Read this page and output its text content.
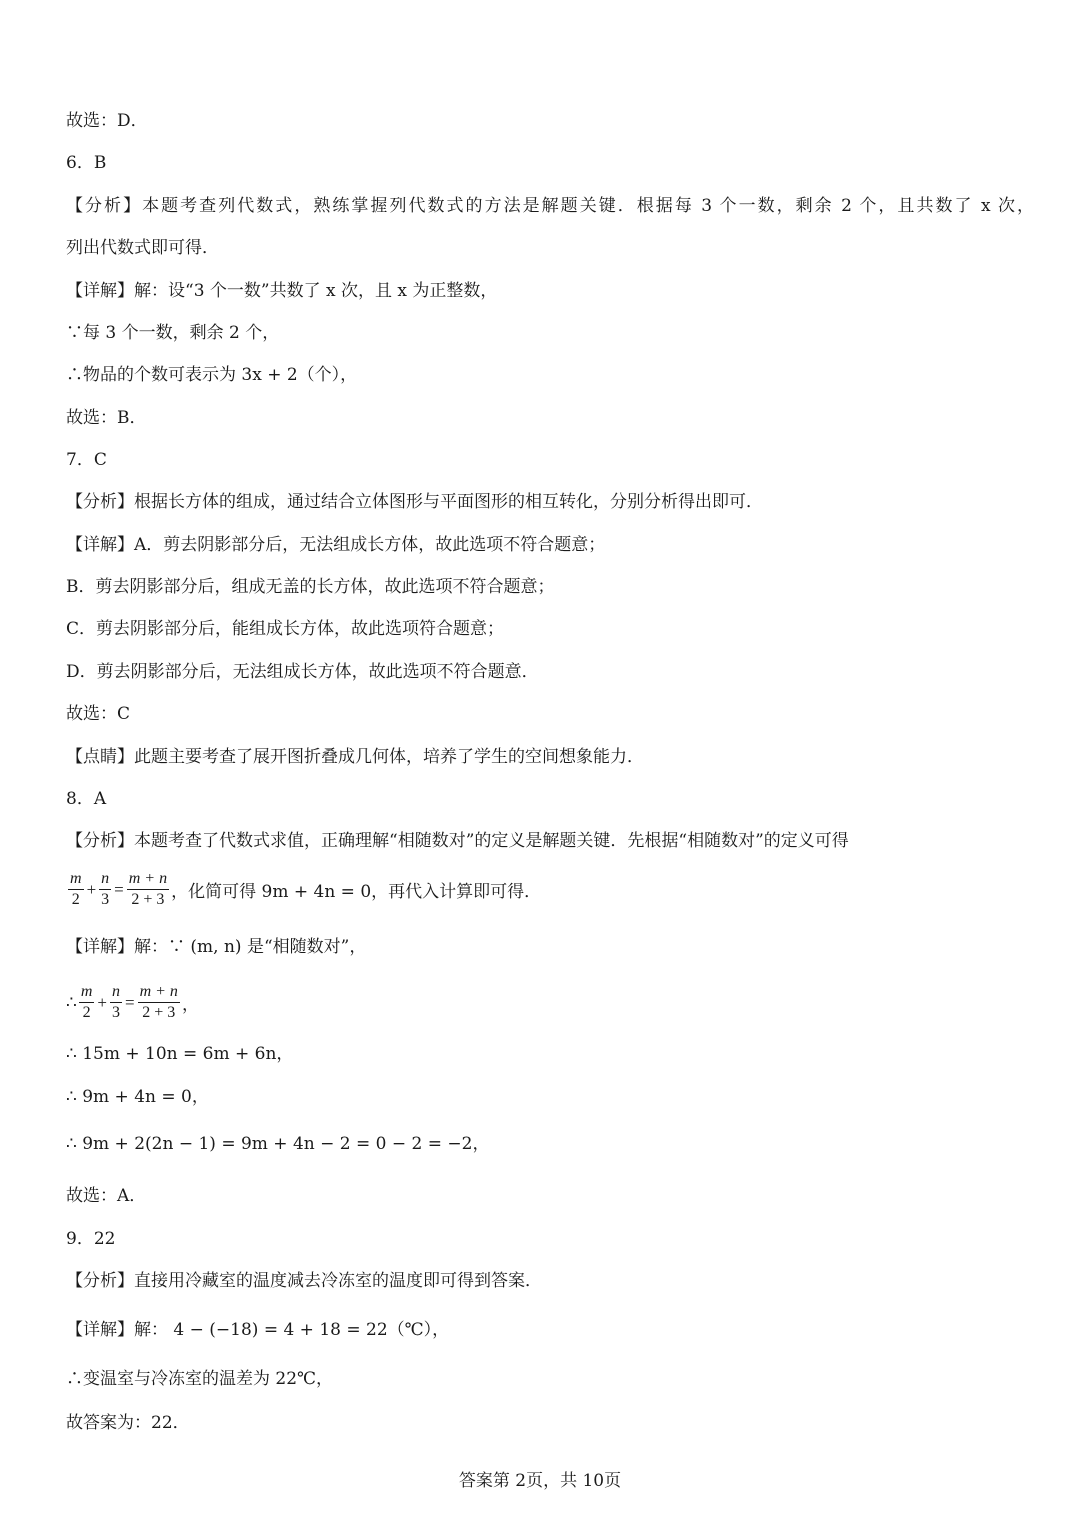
故选：D．
6．B
【分析】本题考查列代数式，熟练掌握列代数式的方法是解题关键．根据每 3 个一数，剩余 2 个，且共数了 x 次，
列出代数式即可得．
【详解】解：设“3 个一数”共数了 x 次，且 x 为正整数，
∵每 3 个一数，剩余 2 个，
∴物品的个数可表示为 3x + 2（个），
故选：B．
7．C
【分析】根据长方体的组成，通过结合立体图形与平面图形的相互转化，分别分析得出即可．
【详解】A．剪去阴影部分后，无法组成长方体，故此选项不符合题意；
B．剪去阴影部分后，组成无盖的长方体，故此选项不符合题意；
C．剪去阴影部分后，能组成长方体，故此选项符合题意；
D．剪去阴影部分后，无法组成长方体，故此选项不符合题意．
故选：C
【点睛】此题主要考查了展开图折叠成几何体，培养了学生的空间想象能力．
8．A
【分析】本题考查了代数式求值，正确理解“相随数对”的定义是解题关键．先根据“相随数对”的定义可得
$\frac{m}{2} + \frac{n}{3} = \frac{m + n}{2 + 3}$ ，化简可得 9m + 4n = 0，再代入计算即可得．
【详解】解：∵ (m, n) 是“相随数对”，
∴ $\frac{m}{2} + \frac{n}{3} = \frac{m + n}{2 + 3}$ ，
∴ 15m + 10n = 6m + 6n，
∴ 9m + 4n = 0，
∴ 9m + 2(2n − 1) = 9m + 4n − 2 = 0 − 2 = −2，
故选：A．
9．22
【分析】直接用冷藏室的温度减去冷冻室的温度即可得到答案．
【详解】解： 4 − (−18) = 4 + 18 = 22（℃），
∴变温室与冷冻室的温差为 22℃，
故答案为：22．
答案第 2页，共 10页
